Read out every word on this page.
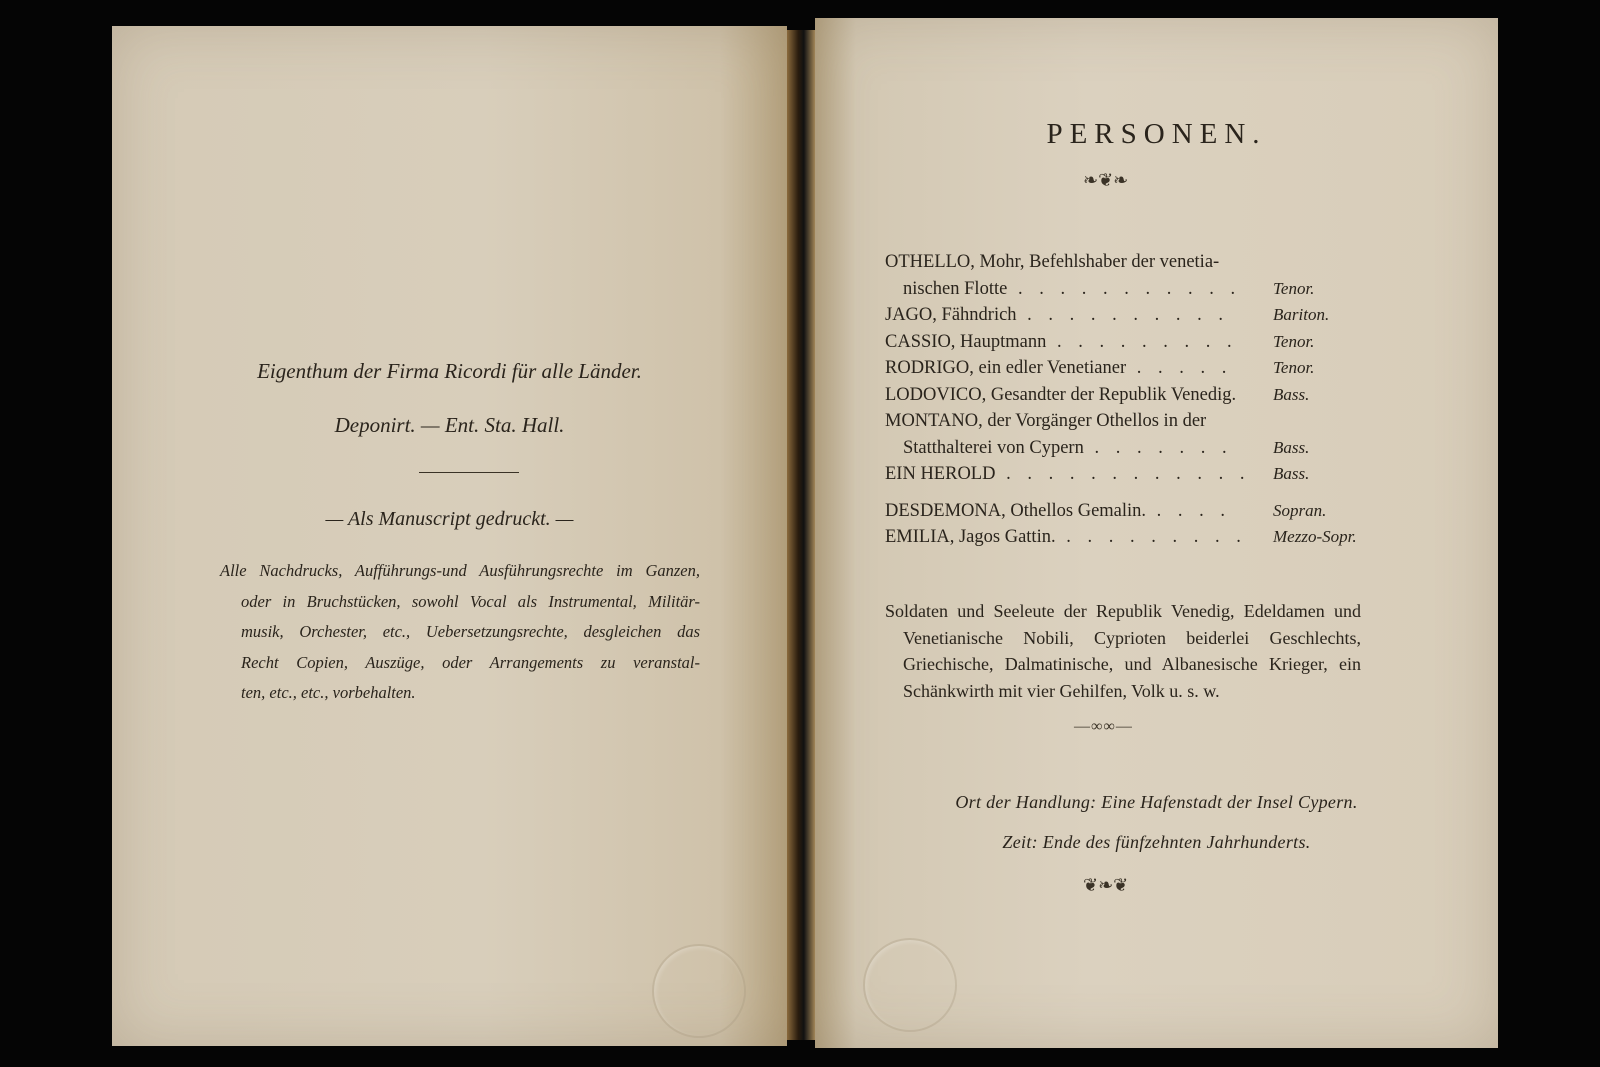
Eigenthum der Firma Ricordi für alle Länder.
Deponirt. — Ent. Sta. Hall.
— Als Manuscript gedruckt. —
Alle Nachdrucks, Aufführungs-und Ausführungsrechte im Ganzen,
oder in Bruchstücken, sowohl Vocal als Instrumental, Militär-
musik, Orchester, etc., Uebersetzungsrechte, desgleichen das
Recht Copien, Auszüge, oder Arrangements zu veranstal-
ten, etc., etc., vorbehalten.
PERSONEN.
❧❦❧
OTHELLO, Mohr, Befehlshaber der venetia-
nischen Flotte . . . . . . . . . . . Tenor.
JAGO, Fähndrich . . . . . . . . . .	Bariton.
CASSIO, Hauptmann . . . . . . . . . Tenor.
RODRIGO, ein edler Venetianer . . . . . Tenor.
LODOVICO, Gesandter der Republik Venedig. Bass.
MONTANO, der Vorgänger Othellos in der
Statthalterei von Cypern . . . . . . . Bass.
EIN HEROLD . . . . . . . . . . . . Bass.
DESDEMONA, Othellos Gemalin. . . . . Sopran.
EMILIA, Jagos Gattin. . . . . . . . . . Mezzo-Sopr.
Soldaten und Seeleute der Republik Venedig, Edeldamen und
Venetianische Nobili, Cyprioten beiderlei Geschlechts,
Griechische, Dalmatinische, und Albanesische Krieger, ein
Schänkwirth mit vier Gehilfen, Volk u. s. w.
—∞∞—
Ort der Handlung: Eine Hafenstadt der Insel Cypern.
Zeit: Ende des fünfzehnten Jahrhunderts.
❦❧❦
